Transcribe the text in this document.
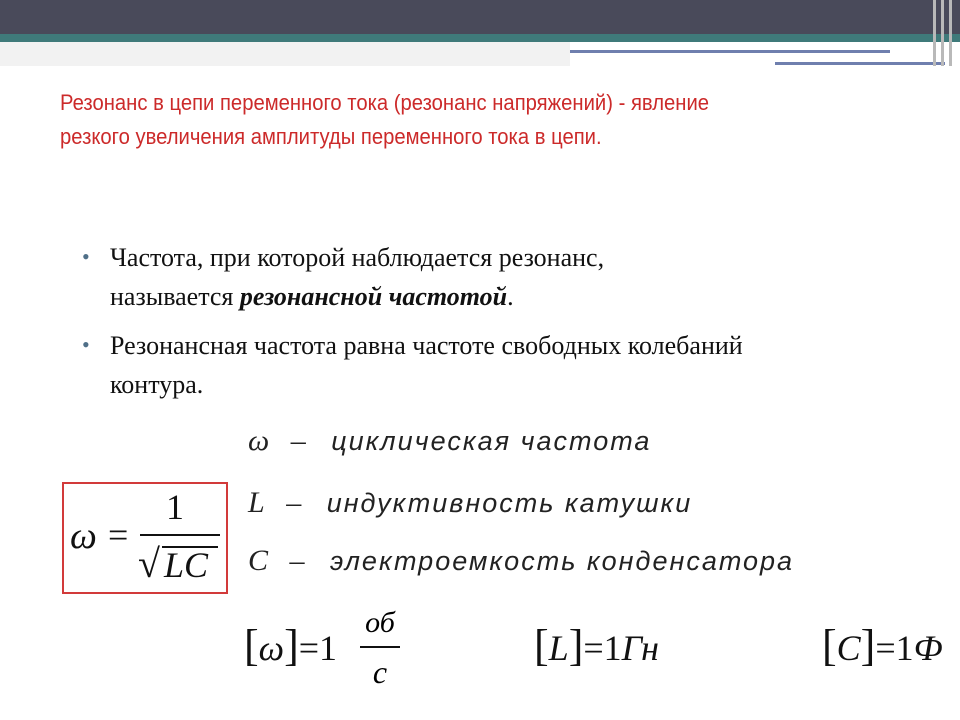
Резонанс в цепи переменного тока (резонанс напряжений) - явление
резкого увеличения амплитуды переменного тока в цепи.
• Частота, при которой наблюдается резонанс,
называется резонансной частотой.
• Резонансная частота равна частоте свободных колебаний
контура.
ω =
1
√ LC
ω – циклическая частота
L – индуктивность катушки
C – электроемкость конденсатора
[ω]=1
об
с
[L]=1Гн	[C]=1Ф
